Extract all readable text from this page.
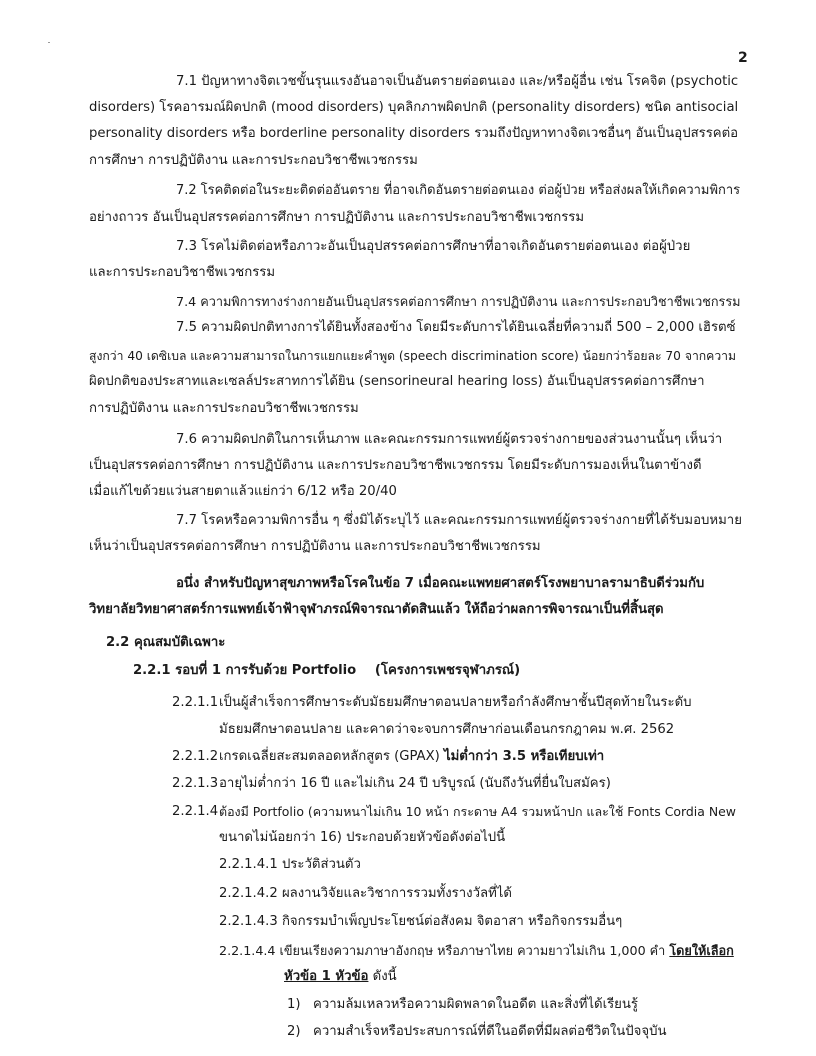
2
7.1 ปัญหาทางจิตเวชขั้นรุนแรงอันอาจเป็นอันตรายต่อตนเอง และ/หรือผู้อื่น เช่น โรคจิต (psychotic
disorders) โรคอารมณ์ผิดปกติ (mood disorders) บุคลิกภาพผิดปกติ (personality disorders) ชนิด antisocial
personality disorders หรือ borderline personality disorders รวมถึงปัญหาทางจิตเวชอื่นๆ อันเป็นอุปสรรคต่อ
การศึกษา การปฏิบัติงาน และการประกอบวิชาชีพเวชกรรม
7.2 โรคติดต่อในระยะติดต่ออันตราย ที่อาจเกิดอันตรายต่อตนเอง ต่อผู้ป่วย หรือส่งผลให้เกิดความพิการ
อย่างถาวร อันเป็นอุปสรรคต่อการศึกษา การปฏิบัติงาน และการประกอบวิชาชีพเวชกรรม
7.3 โรคไม่ติดต่อหรือภาวะอันเป็นอุปสรรคต่อการศึกษาที่อาจเกิดอันตรายต่อตนเอง ต่อผู้ป่วย
และการประกอบวิชาชีพเวชกรรม
7.4 ความพิการทางร่างกายอันเป็นอุปสรรคต่อการศึกษา การปฏิบัติงาน และการประกอบวิชาชีพเวชกรรม
7.5 ความผิดปกติทางการได้ยินทั้งสองข้าง โดยมีระดับการได้ยินเฉลี่ยที่ความถี่ 500 – 2,000 เฮิรตซ์
สูงกว่า 40 เดซิเบล และความสามารถในการแยกแยะคำพูด (speech discrimination score) น้อยกว่าร้อยละ 70 จากความ
ผิดปกติของประสาทและเซลล์ประสาทการได้ยิน (sensorineural hearing loss) อันเป็นอุปสรรคต่อการศึกษา
การปฏิบัติงาน และการประกอบวิชาชีพเวชกรรม
7.6 ความผิดปกติในการเห็นภาพ และคณะกรรมการแพทย์ผู้ตรวจร่างกายของส่วนงานนั้นๆ เห็นว่า
เป็นอุปสรรคต่อการศึกษา การปฏิบัติงาน และการประกอบวิชาชีพเวชกรรม โดยมีระดับการมองเห็นในตาข้างดี
เมื่อแก้ไขด้วยแว่นสายตาแล้วแย่กว่า 6/12 หรือ 20/40
7.7 โรคหรือความพิการอื่น ๆ ซึ่งมิได้ระบุไว้ และคณะกรรมการแพทย์ผู้ตรวจร่างกายที่ได้รับมอบหมาย
เห็นว่าเป็นอุปสรรคต่อการศึกษา การปฏิบัติงาน และการประกอบวิชาชีพเวชกรรม
อนึ่ง สำหรับปัญหาสุขภาพหรือโรคในข้อ 7 เมื่อคณะแพทยศาสตร์โรงพยาบาลรามาธิบดีร่วมกับ
วิทยาลัยวิทยาศาสตร์การแพทย์เจ้าฟ้าจุฬาภรณ์พิจารณาตัดสินแล้ว ให้ถือว่าผลการพิจารณาเป็นที่สิ้นสุด
2.2 คุณสมบัติเฉพาะ
2.2.1 รอบที่ 1 การรับด้วย Portfolio (โครงการเพชรจุฬาภรณ์)
2.2.1.1 เป็นผู้สำเร็จการศึกษาระดับมัธยมศึกษาตอนปลายหรือกำลังศึกษาชั้นปีสุดท้ายในระดับ
มัธยมศึกษาตอนปลาย และคาดว่าจะจบการศึกษาก่อนเดือนกรกฎาคม พ.ศ. 2562
2.2.1.2 เกรดเฉลี่ยสะสมตลอดหลักสูตร (GPAX) ไม่ต่ำกว่า 3.5 หรือเทียบเท่า
2.2.1.3 อายุไม่ต่ำกว่า 16 ปี และไม่เกิน 24 ปี บริบูรณ์ (นับถึงวันที่ยื่นใบสมัคร)
2.2.1.4 ต้องมี Portfolio (ความหนาไม่เกิน 10 หน้า กระดาษ A4 รวมหน้าปก และใช้ Fonts Cordia New
ขนาดไม่น้อยกว่า 16) ประกอบด้วยหัวข้อดังต่อไปนี้
2.2.1.4.1 ประวัติส่วนตัว
2.2.1.4.2 ผลงานวิจัยและวิชาการรวมทั้งรางวัลที่ได้
2.2.1.4.3 กิจกรรมบำเพ็ญประโยชน์ต่อสังคม จิตอาสา หรือกิจกรรมอื่นๆ
2.2.1.4.4 เขียนเรียงความภาษาอังกฤษ หรือภาษาไทย ความยาวไม่เกิน 1,000 คำ โดยให้เลือก
หัวข้อ 1 หัวข้อ ดังนี้
1) ความล้มเหลวหรือความผิดพลาดในอดีต และสิ่งที่ได้เรียนรู้
2) ความสำเร็จหรือประสบการณ์ที่ดีในอดีตที่มีผลต่อชีวิตในปัจจุบัน
